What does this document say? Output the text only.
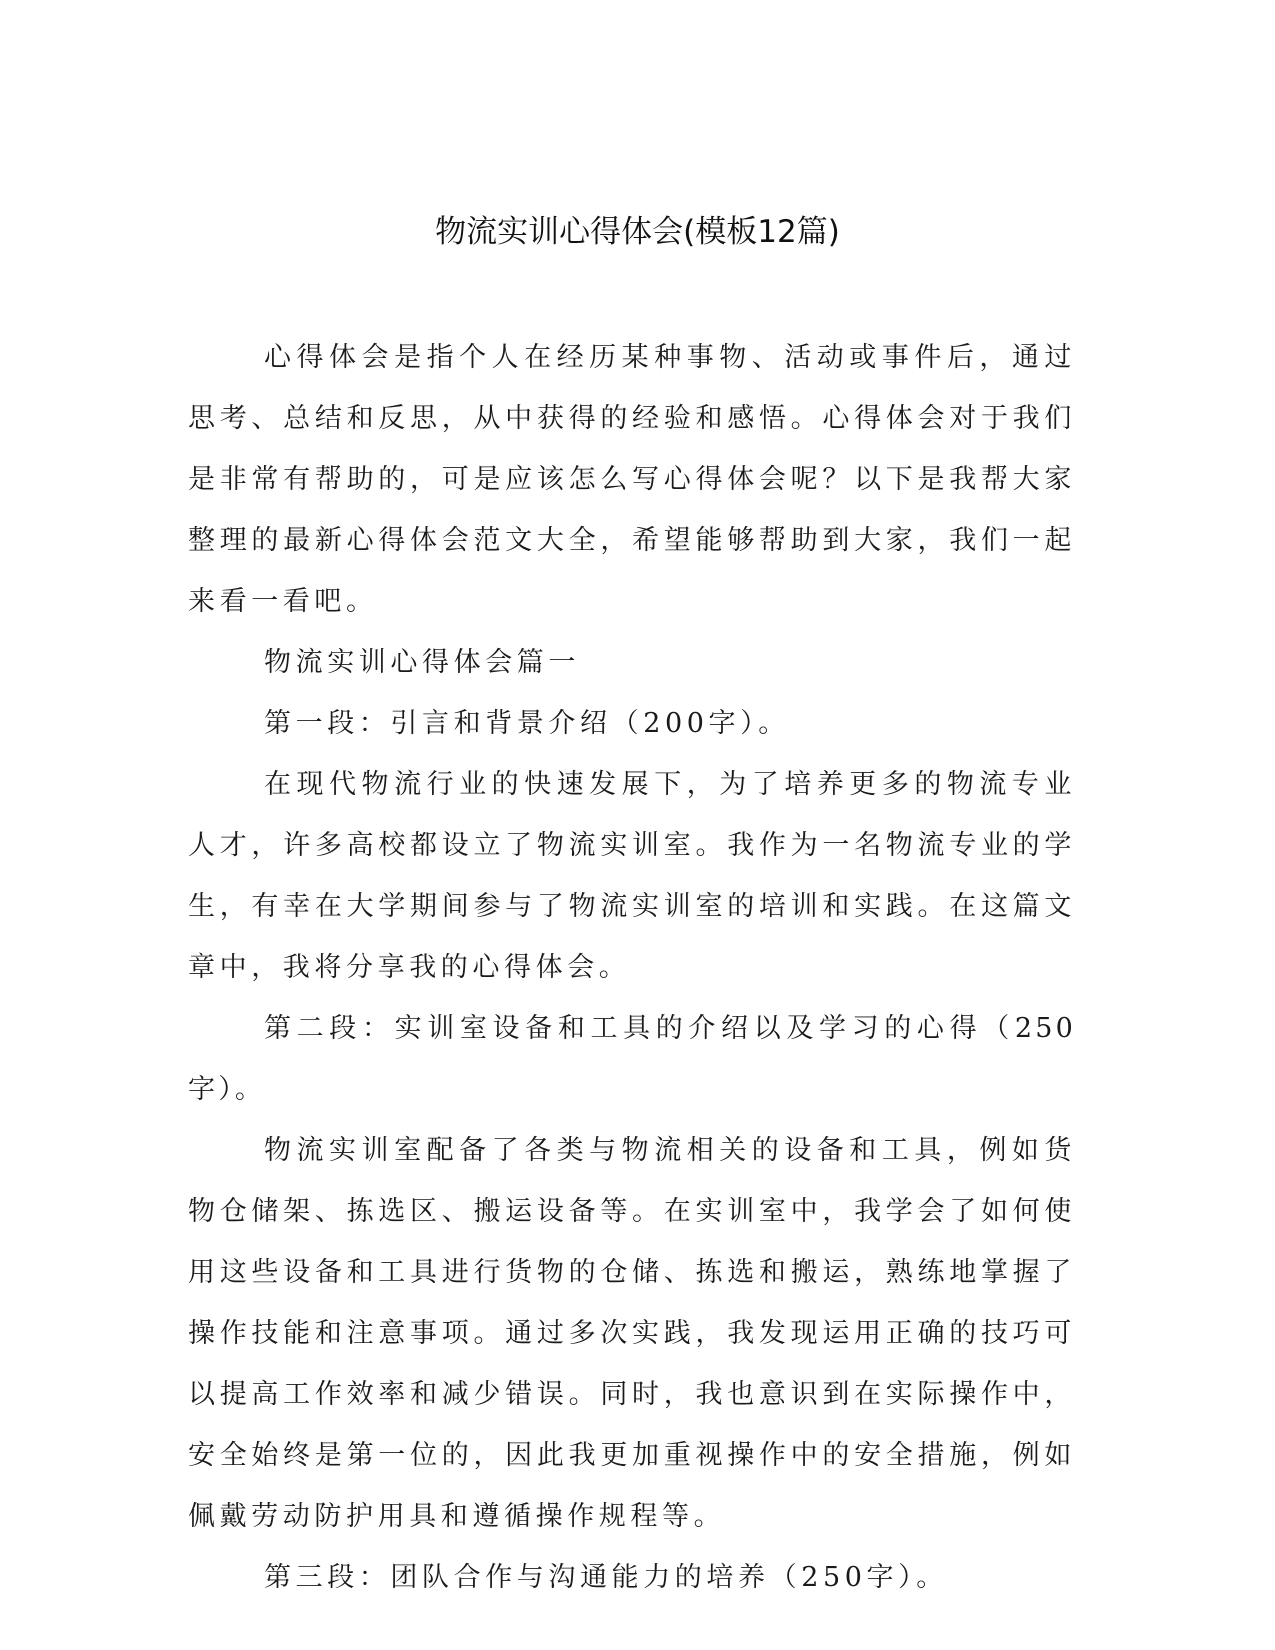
物流实训心得体会(模板12篇)

心得体会是指个人在经历某种事物、活动或事件后，通过思考、总结和反思，从中获得的经验和感悟。心得体会对于我们是非常有帮助的，可是应该怎么写心得体会呢？以下是我帮大家整理的最新心得体会范文大全，希望能够帮助到大家，我们一起来看一看吧。

物流实训心得体会篇一

第一段：引言和背景介绍（200字）。

在现代物流行业的快速发展下，为了培养更多的物流专业人才，许多高校都设立了物流实训室。我作为一名物流专业的学生，有幸在大学期间参与了物流实训室的培训和实践。在这篇文章中，我将分享我的心得体会。

第二段：实训室设备和工具的介绍以及学习的心得（250字）。

物流实训室配备了各类与物流相关的设备和工具，例如货物仓储架、拣选区、搬运设备等。在实训室中，我学会了如何使用这些设备和工具进行货物的仓储、拣选和搬运，熟练地掌握了操作技能和注意事项。通过多次实践，我发现运用正确的技巧可以提高工作效率和减少错误。同时，我也意识到在实际操作中，安全始终是第一位的，因此我更加重视操作中的安全措施，例如佩戴劳动防护用具和遵循操作规程等。

第三段：团队合作与沟通能力的培养（250字）。
